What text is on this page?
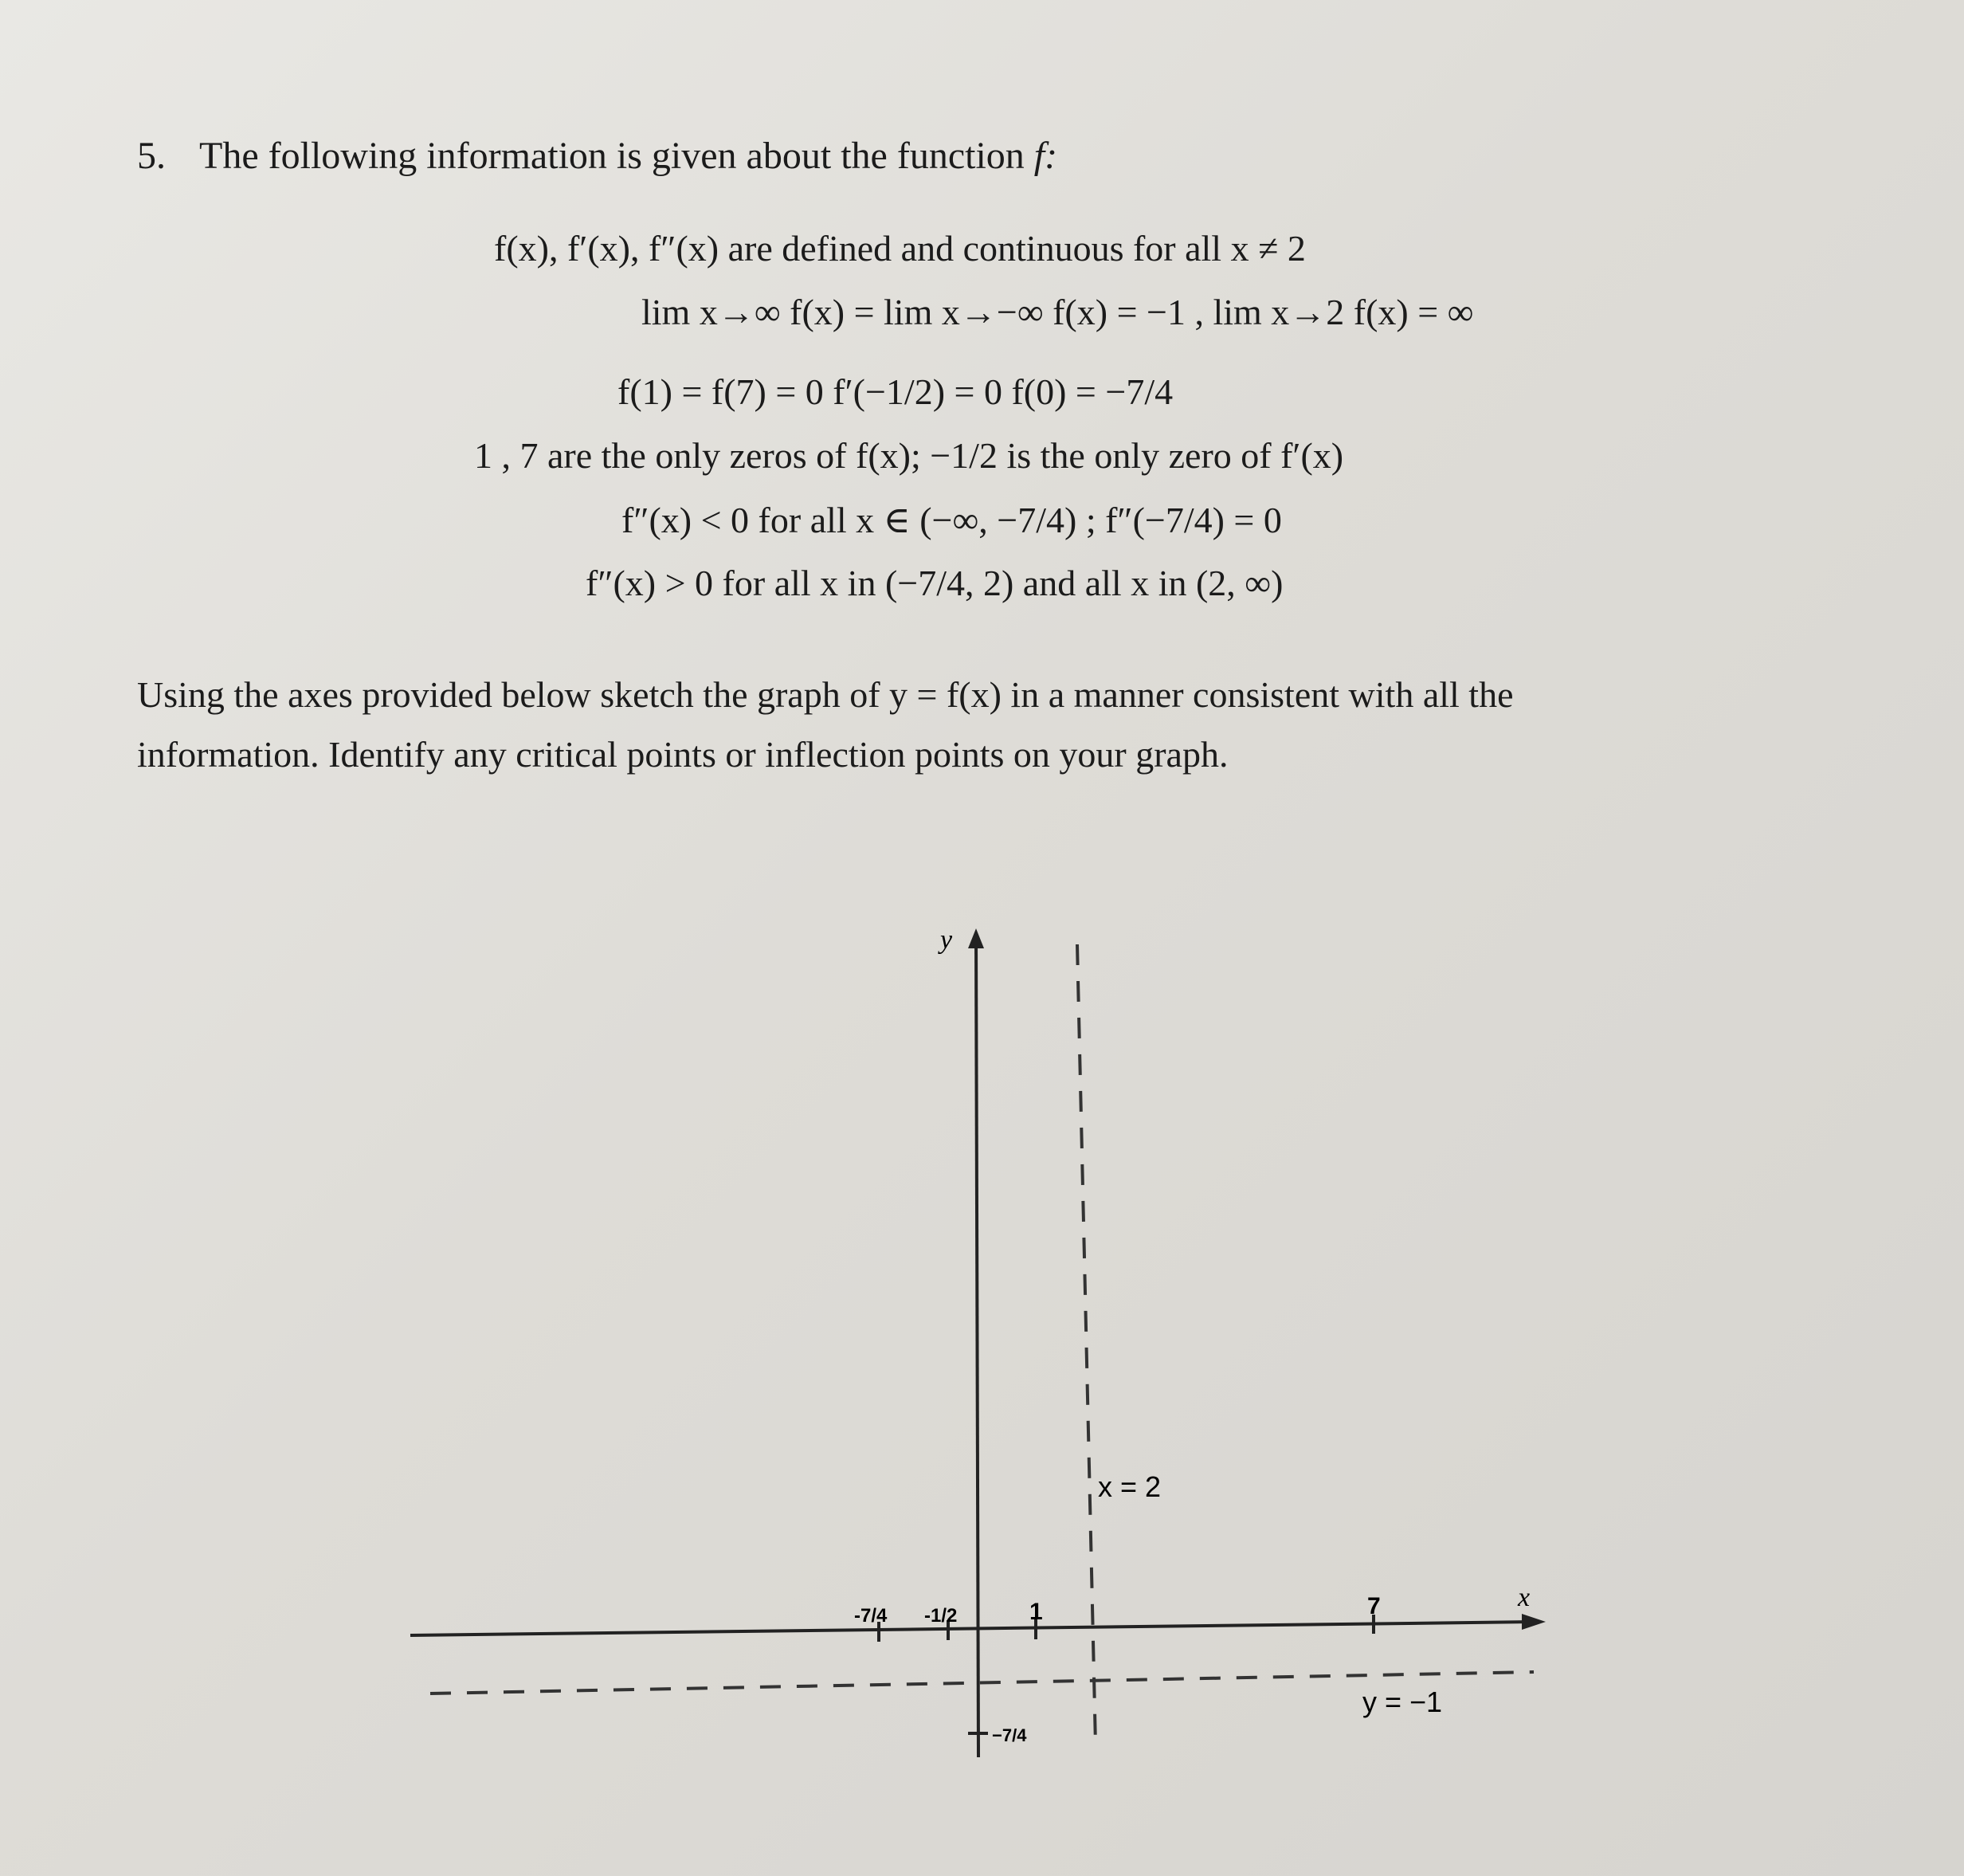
5. The following information is given about the function f:
f(x), f′(x), f″(x) are defined and continuous for all x ≠ 2
lim x→∞ f(x) = lim x→−∞ f(x) = −1 , lim x→2 f(x) = ∞
f(1) = f(7) = 0 f′(−1/2) = 0 f(0) = −7/4
1 , 7 are the only zeros of f(x); −1/2 is the only zero of f′(x)
f″(x) < 0 for all x ∈ (−∞, −7/4) ; f″(−7/4) = 0
f″(x) > 0 for all x in (−7/4, 2) and all x in (2, ∞)
Using the axes provided below sketch the graph of y = f(x) in a manner consistent with all the
information. Identify any critical points or inflection points on your graph.
y
x
x = 2
y = −1
-7/4 -1/2	1	7
−7/4
